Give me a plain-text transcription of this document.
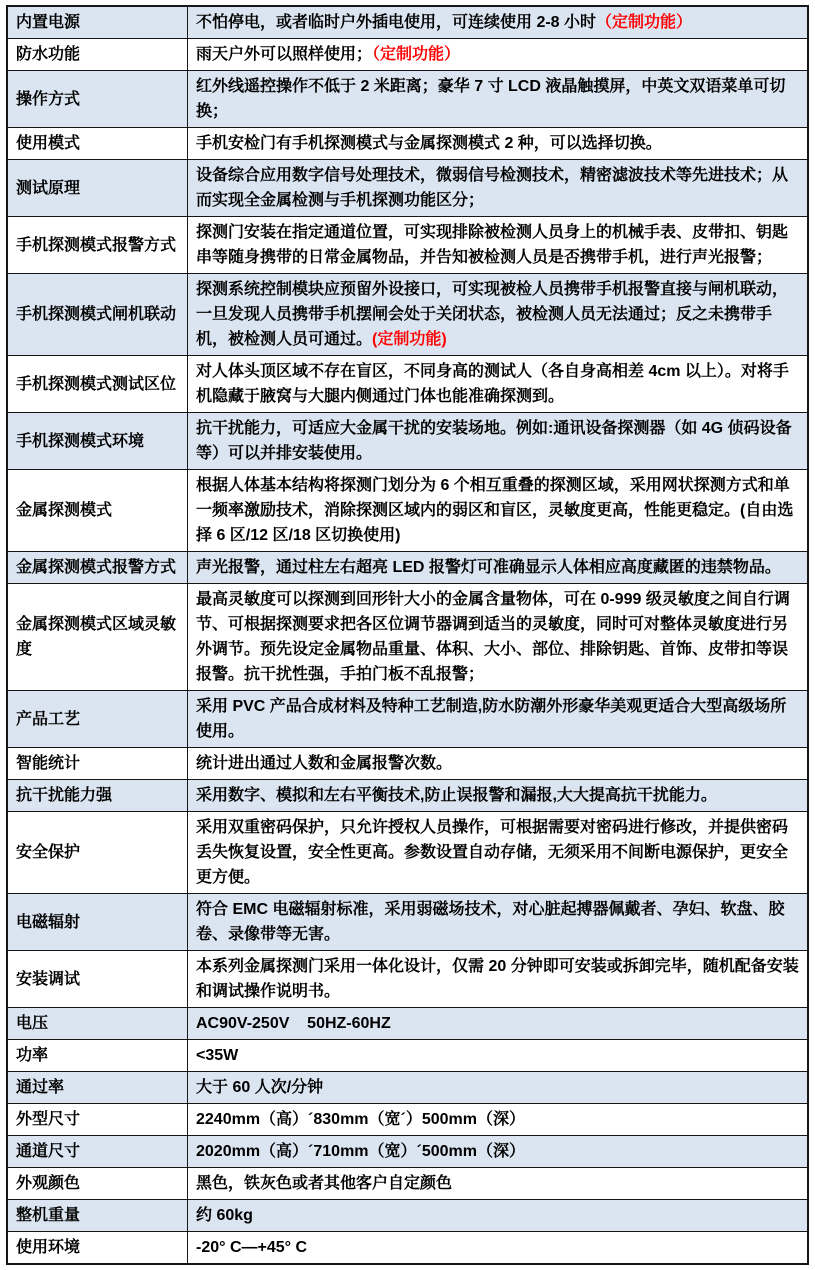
内置电源	不怕停电，或者临时户外插电使用，可连续使用 2-8 小时（定制功能）
防水功能	雨天户外可以照样使用；（定制功能）
操作方式	红外线遥控操作不低于 2 米距离；豪华 7 寸 LCD 液晶触摸屏，中英文双语菜单可切换；
使用模式	手机安检门有手机探测模式与金属探测模式 2 种，可以选择切换。
测试原理	设备综合应用数字信号处理技术，微弱信号检测技术，精密滤波技术等先进技术；从而实现全金属检测与手机探测功能区分；
手机探测模式报警方式	探测门安装在指定通道位置，可实现排除被检测人员身上的机械手表、皮带扣、钥匙串等随身携带的日常金属物品，并告知被检测人员是否携带手机，进行声光报警；
手机探测模式闸机联动	探测系统控制模块应预留外设接口，可实现被检人员携带手机报警直接与闸机联动，一旦发现人员携带手机摆闸会处于关闭状态，被检测人员无法通过；反之未携带手机，被检测人员可通过。(定制功能)
手机探测模式测试区位	对人体头顶区域不存在盲区，不同身高的测试人（各自身高相差 4cm 以上）。对将手机隐藏于腋窝与大腿内侧通过门体也能准确探测到。
手机探测模式环境	抗干扰能力，可适应大金属干扰的安装场地。例如:通讯设备探测器（如 4G 侦码设备等）可以并排安装使用。
金属探测模式	根据人体基本结构将探测门划分为 6 个相互重叠的探测区域，采用网状探测方式和单一频率激励技术，消除探测区域内的弱区和盲区，灵敏度更高，性能更稳定。(自由选择 6 区/12 区/18 区切换使用)
金属探测模式报警方式	声光报警，通过柱左右超亮 LED 报警灯可准确显示人体相应高度藏匿的违禁物品。
金属探测模式区域灵敏度	最高灵敏度可以探测到回形针大小的金属含量物体，可在 0-999 级灵敏度之间自行调节、可根据探测要求把各区位调节器调到适当的灵敏度，同时可对整体灵敏度进行另外调节。预先设定金属物品重量、体积、大小、部位、排除钥匙、首饰、皮带扣等误报警。抗干扰性强，手拍门板不乱报警；
产品工艺	采用 PVC 产品合成材料及特种工艺制造,防水防潮外形豪华美观更适合大型高级场所使用。
智能统计	统计进出通过人数和金属报警次数。
抗干扰能力强	采用数字、模拟和左右平衡技术,防止误报警和漏报,大大提高抗干扰能力。
安全保护	采用双重密码保护，只允许授权人员操作，可根据需要对密码进行修改，并提供密码丢失恢复设置，安全性更高。参数设置自动存储，无须采用不间断电源保护，更安全更方便。
电磁辐射	符合 EMC 电磁辐射标准，采用弱磁场技术，对心脏起搏器佩戴者、孕妇、软盘、胶卷、录像带等无害。
安装调试	本系列金属探测门采用一体化设计，仅需 20 分钟即可安装或拆卸完毕，随机配备安装和调试操作说明书。
电压	AC90V-250V    50HZ-60HZ
功率	<35W
通过率	大于 60 人次/分钟
外型尺寸	2240mm（高）´830mm（宽´）500mm（深）
通道尺寸	2020mm（高）´710mm（宽）´500mm（深）
外观颜色	黑色，铁灰色或者其他客户自定颜色
整机重量	约 60kg
使用环境	-20° C—+45° C
